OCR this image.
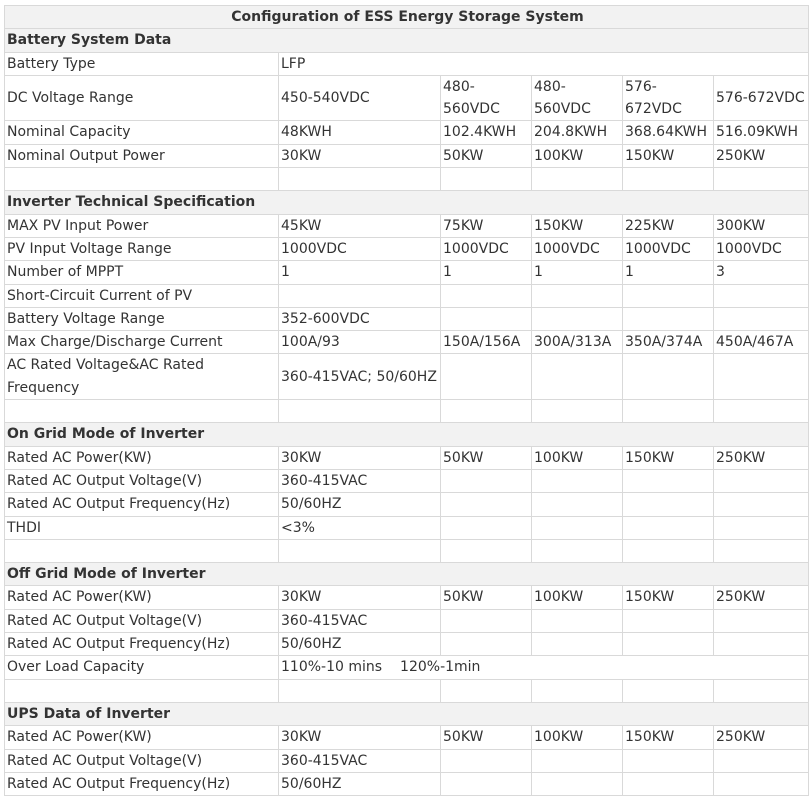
Configuration of ESS Energy Storage System					
Battery System Data					
Battery Type	LFP				
DC Voltage Range	450-540VDC	480-560VDC	480-560VDC	576-672VDC	576-672VDC
Nominal Capacity	48KWH	102.4KWH	204.8KWH	368.64KWH	516.09KWH
Nominal Output Power	30KW	50KW	100KW	150KW	250KW

Inverter Technical Specification					
MAX PV Input Power	45KW	75KW	150KW	225KW	300KW
PV Input Voltage Range	1000VDC	1000VDC	1000VDC	1000VDC	1000VDC
Number of MPPT	1	1	1	1	3
Short-Circuit Current of PV					
Battery Voltage Range	352-600VDC				
Max Charge/Discharge Current	100A/93	150A/156A	300A/313A	350A/374A	450A/467A
AC Rated Voltage&AC Rated Frequency	360-415VAC; 50/60HZ				

On Grid Mode of Inverter					
Rated AC Power(KW)	30KW	50KW	100KW	150KW	250KW
Rated AC Output Voltage(V)	360-415VAC				
Rated AC Output Frequency(Hz)	50/60HZ				
THDI	<3%				

Off Grid Mode of Inverter					
Rated AC Power(KW)	30KW	50KW	100KW	150KW	250KW
Rated AC Output Voltage(V)	360-415VAC				
Rated AC Output Frequency(Hz)	50/60HZ				
Over Load Capacity	110%-10 mins 120%-1min				

UPS Data of Inverter					
Rated AC Power(KW)	30KW	50KW	100KW	150KW	250KW
Rated AC Output Voltage(V)	360-415VAC				
Rated AC Output Frequency(Hz)	50/60HZ				
